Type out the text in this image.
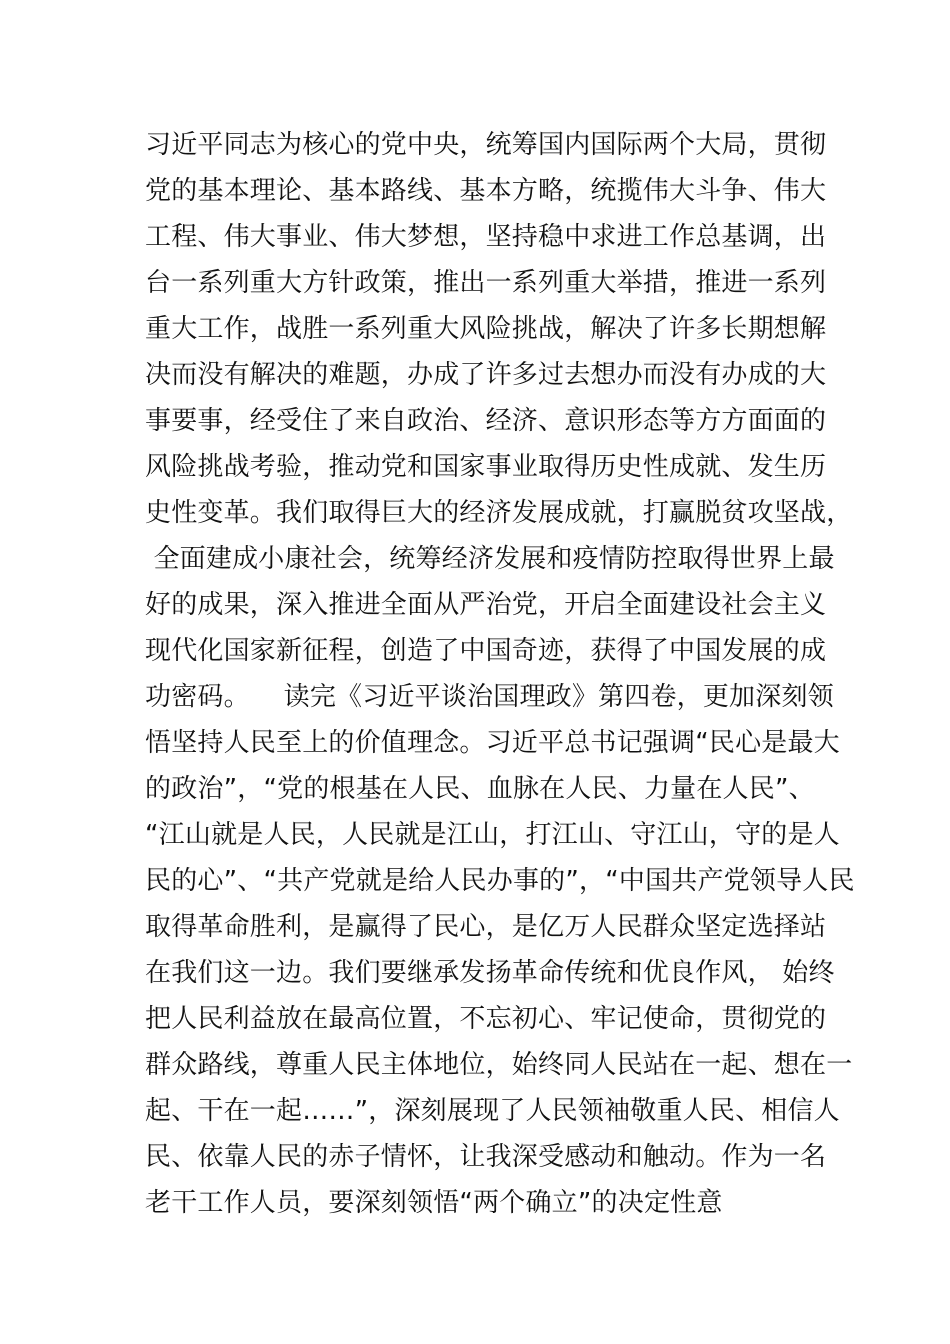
习近平同志为核心的党中央，统筹国内国际两个大局，贯彻
党的基本理论、基本路线、基本方略，统揽伟大斗争、伟大
工程、伟大事业、伟大梦想，坚持稳中求进工作总基调，出
台一系列重大方针政策，推出一系列重大举措，推进一系列
重大工作，战胜一系列重大风险挑战，解决了许多长期想解
决而没有解决的难题，办成了许多过去想办而没有办成的大
事要事，经受住了来自政治、经济、意识形态等方方面面的
风险挑战考验，推动党和国家事业取得历史性成就、发生历
史性变革。我们取得巨大的经济发展成就，打赢脱贫攻坚战，
全面建成小康社会，统筹经济发展和疫情防控取得世界上最
好的成果，深入推进全面从严治党，开启全面建设社会主义
现代化国家新征程，创造了中国奇迹，获得了中国发展的成
功密码。    读完《习近平谈治国理政》第四卷，更加深刻领
悟坚持人民至上的价值理念。习近平总书记强调“民心是最大
的政治”，“党的根基在人民、血脉在人民、力量在人民”、
“江山就是人民，人民就是江山，打江山、守江山，守的是人
民的心”、“共产党就是给人民办事的”，“中国共产党领导人民
取得革命胜利，是赢得了民心，是亿万人民群众坚定选择站
在我们这一边。我们要继承发扬革命传统和优良作风， 始终
把人民利益放在最高位置，不忘初心、牢记使命，贯彻党的
群众路线，尊重人民主体地位，始终同人民站在一起、想在一
起、干在一起……”，深刻展现了人民领袖敬重人民、相信人
民、依靠人民的赤子情怀，让我深受感动和触动。作为一名
老干工作人员，要深刻领悟“两个确立”的决定性意
